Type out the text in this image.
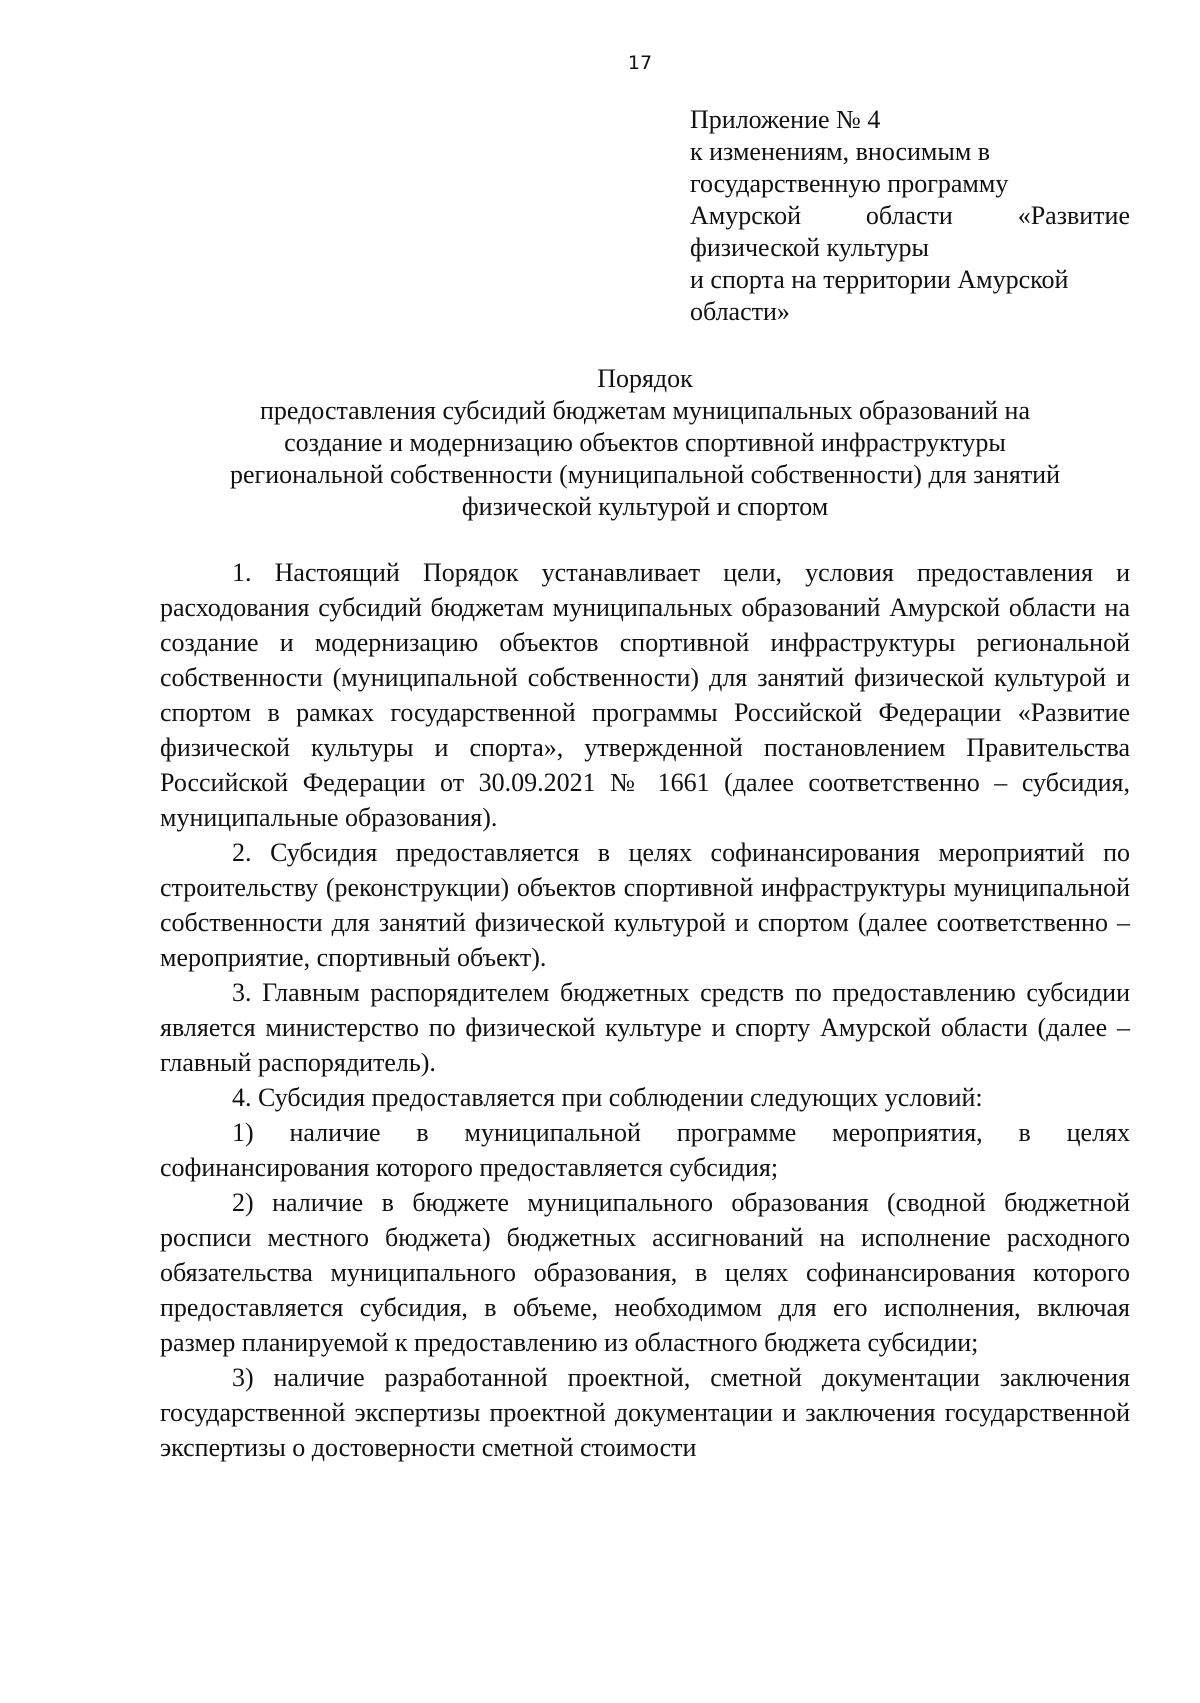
17
Приложение № 4
к изменениям, вносимым в
государственную программу
Амурской области «Развитие
физической культуры
и спорта на территории Амурской
области»
Порядок
предоставления субсидий бюджетам муниципальных образований на
создание и модернизацию объектов спортивной инфраструктуры
региональной собственности (муниципальной собственности) для занятий
физической культурой и спортом

1. Настоящий Порядок устанавливает цели, условия предоставления и расходования субсидий бюджетам муниципальных образований Амурской области на создание и модернизацию объектов спортивной инфраструктуры региональной собственности (муниципальной собственности) для занятий физической культурой и спортом в рамках государственной программы Российской Федерации «Развитие физической культуры и спорта», утвержденной постановлением Правительства Российской Федерации от 30.09.2021 № 1661 (далее соответственно – субсидия, муниципальные образования).

2. Субсидия предоставляется в целях софинансирования мероприятий по строительству (реконструкции) объектов спортивной инфраструктуры муниципальной собственности для занятий физической культурой и спортом (далее соответственно – мероприятие, спортивный объект).

3. Главным распорядителем бюджетных средств по предоставлению субсидии является министерство по физической культуре и спорту Амурской области (далее – главный распорядитель).

4. Субсидия предоставляется при соблюдении следующих условий:

1) наличие в муниципальной программе мероприятия, в целях софинансирования которого предоставляется субсидия;

2) наличие в бюджете муниципального образования (сводной бюджетной росписи местного бюджета) бюджетных ассигнований на исполнение расходного обязательства муниципального образования, в целях софинансирования которого предоставляется субсидия, в объеме, необходимом для его исполнения, включая размер планируемой к предоставлению из областного бюджета субсидии;

3) наличие разработанной проектной, сметной документации заключения государственной экспертизы проектной документации и заключения государственной экспертизы о достоверности сметной стоимости
